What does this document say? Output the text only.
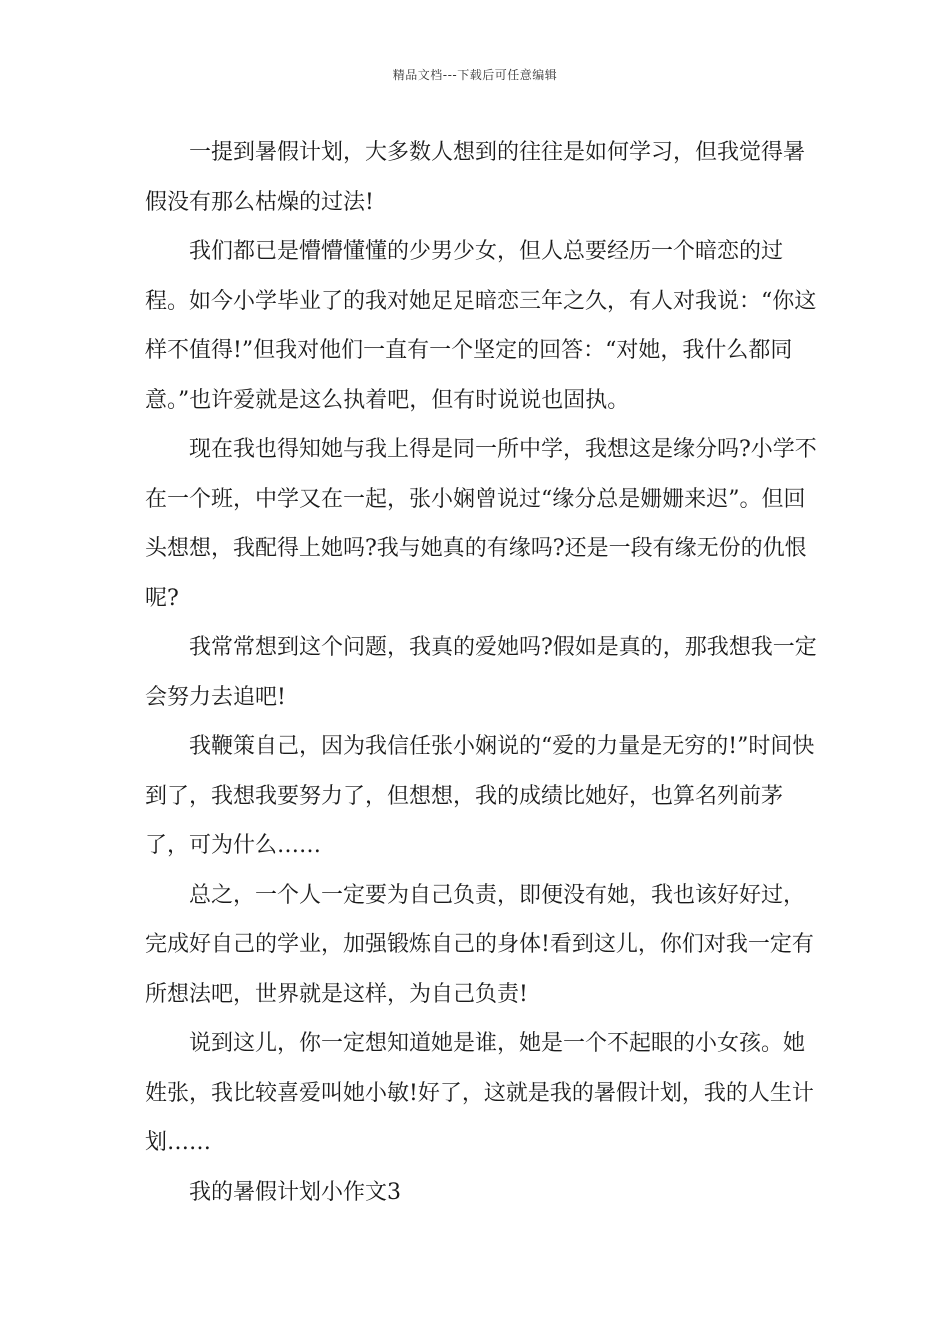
精品文档---下载后可任意编辑

一提到暑假计划，大多数人想到的往往是如何学习，但我觉得暑假没有那么枯燥的过法!

我们都已是懵懵懂懂的少男少女，但人总要经历一个暗恋的过程。如今小学毕业了的我对她足足暗恋三年之久，有人对我说：“你这样不值得!”但我对他们一直有一个坚定的回答：“对她，我什么都同意。”也许爱就是这么执着吧，但有时说说也固执。

现在我也得知她与我上得是同一所中学，我想这是缘分吗?小学不在一个班，中学又在一起，张小娴曾说过“缘分总是姗姗来迟”。但回头想想，我配得上她吗?我与她真的有缘吗?还是一段有缘无份的仇恨呢?

我常常想到这个问题，我真的爱她吗?假如是真的，那我想我一定会努力去追吧!

我鞭策自己，因为我信任张小娴说的“爱的力量是无穷的!”时间快到了，我想我要努力了，但想想，我的成绩比她好，也算名列前茅了，可为什么……

总之，一个人一定要为自己负责，即便没有她，我也该好好过，完成好自己的学业，加强锻炼自己的身体!看到这儿，你们对我一定有所想法吧，世界就是这样，为自己负责!

说到这儿，你一定想知道她是谁，她是一个不起眼的小女孩。她姓张，我比较喜爱叫她小敏!好了，这就是我的暑假计划，我的人生计划……

我的暑假计划小作文3
